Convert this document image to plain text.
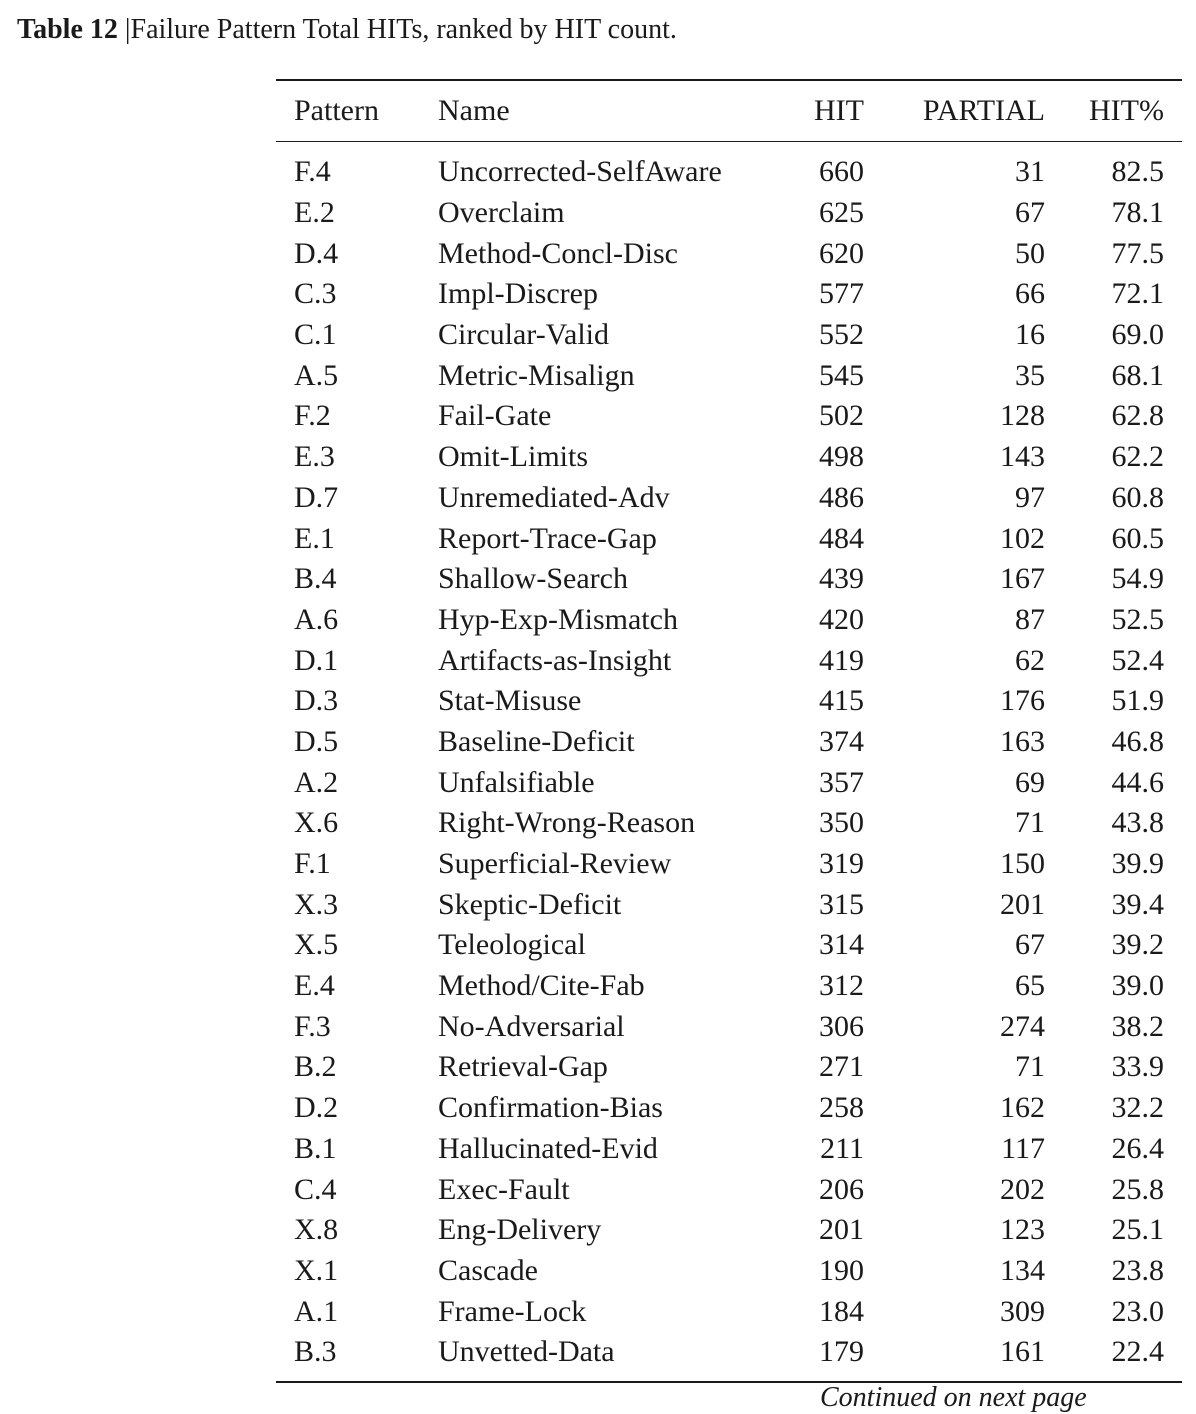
Table 12 |Failure Pattern Total HITs, ranked by HIT count.
Pattern	Name	HIT	PARTIAL	HIT%
F.4	Uncorrected-SelfAware	660	31	82.5
E.2	Overclaim	625	67	78.1
D.4	Method-Concl-Disc	620	50	77.5
C.3	Impl-Discrep	577	66	72.1
C.1	Circular-Valid	552	16	69.0
A.5	Metric-Misalign	545	35	68.1
F.2	Fail-Gate	502	128	62.8
E.3	Omit-Limits	498	143	62.2
D.7	Unremediated-Adv	486	97	60.8
E.1	Report-Trace-Gap	484	102	60.5
B.4	Shallow-Search	439	167	54.9
A.6	Hyp-Exp-Mismatch	420	87	52.5
D.1	Artifacts-as-Insight	419	62	52.4
D.3	Stat-Misuse	415	176	51.9
D.5	Baseline-Deficit	374	163	46.8
A.2	Unfalsifiable	357	69	44.6
X.6	Right-Wrong-Reason	350	71	43.8
F.1	Superficial-Review	319	150	39.9
X.3	Skeptic-Deficit	315	201	39.4
X.5	Teleological	314	67	39.2
E.4	Method/Cite-Fab	312	65	39.0
F.3	No-Adversarial	306	274	38.2
B.2	Retrieval-Gap	271	71	33.9
D.2	Confirmation-Bias	258	162	32.2
B.1	Hallucinated-Evid	211	117	26.4
C.4	Exec-Fault	206	202	25.8
X.8	Eng-Delivery	201	123	25.1
X.1	Cascade	190	134	23.8
A.1	Frame-Lock	184	309	23.0
B.3	Unvetted-Data	179	161	22.4
Continued on next page
